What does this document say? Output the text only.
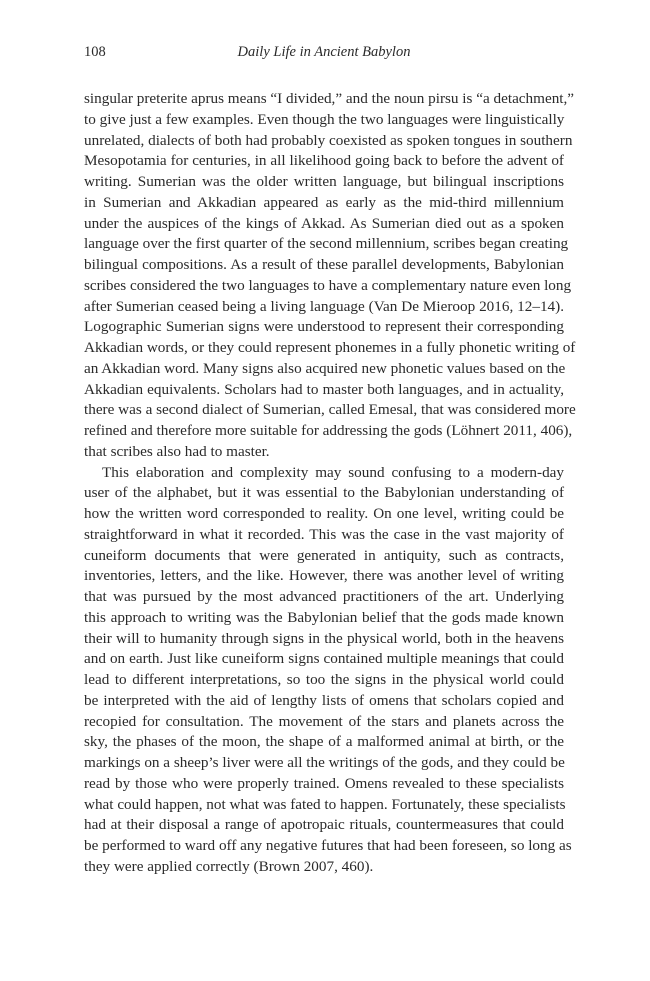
108	Daily Life in Ancient Babylon
singular preterite aprus means “I divided,” and the noun pirsu is “a detachment,”
to give just a few examples. Even though the two languages were linguistically
unrelated, dialects of both had probably coexisted as spoken tongues in southern
Mesopotamia for centuries, in all likelihood going back to before the advent of
writing. Sumerian was the older written language, but bilingual inscriptions
in Sumerian and Akkadian appeared as early as the mid-third millennium
under the auspices of the kings of Akkad. As Sumerian died out as a spoken
language over the first quarter of the second millennium, scribes began creating
bilingual compositions. As a result of these parallel developments, Babylonian
scribes considered the two languages to have a complementary nature even long
after Sumerian ceased being a living language (Van De Mieroop 2016, 12–14).
Logographic Sumerian signs were understood to represent their corresponding
Akkadian words, or they could represent phonemes in a fully phonetic writing of
an Akkadian word. Many signs also acquired new phonetic values based on the
Akkadian equivalents. Scholars had to master both languages, and in actuality,
there was a second dialect of Sumerian, called Emesal, that was considered more
refined and therefore more suitable for addressing the gods (Löhnert 2011, 406),
that scribes also had to master.
This elaboration and complexity may sound confusing to a modern-day
user of the alphabet, but it was essential to the Babylonian understanding of
how the written word corresponded to reality. On one level, writing could be
straightforward in what it recorded. This was the case in the vast majority of
cuneiform documents that were generated in antiquity, such as contracts,
inventories, letters, and the like. However, there was another level of writing
that was pursued by the most advanced practitioners of the art. Underlying
this approach to writing was the Babylonian belief that the gods made known
their will to humanity through signs in the physical world, both in the heavens
and on earth. Just like cuneiform signs contained multiple meanings that could
lead to different interpretations, so too the signs in the physical world could
be interpreted with the aid of lengthy lists of omens that scholars copied and
recopied for consultation. The movement of the stars and planets across the
sky, the phases of the moon, the shape of a malformed animal at birth, or the
markings on a sheep’s liver were all the writings of the gods, and they could be
read by those who were properly trained. Omens revealed to these specialists
what could happen, not what was fated to happen. Fortunately, these specialists
had at their disposal a range of apotropaic rituals, countermeasures that could
be performed to ward off any negative futures that had been foreseen, so long as
they were applied correctly (Brown 2007, 460).
